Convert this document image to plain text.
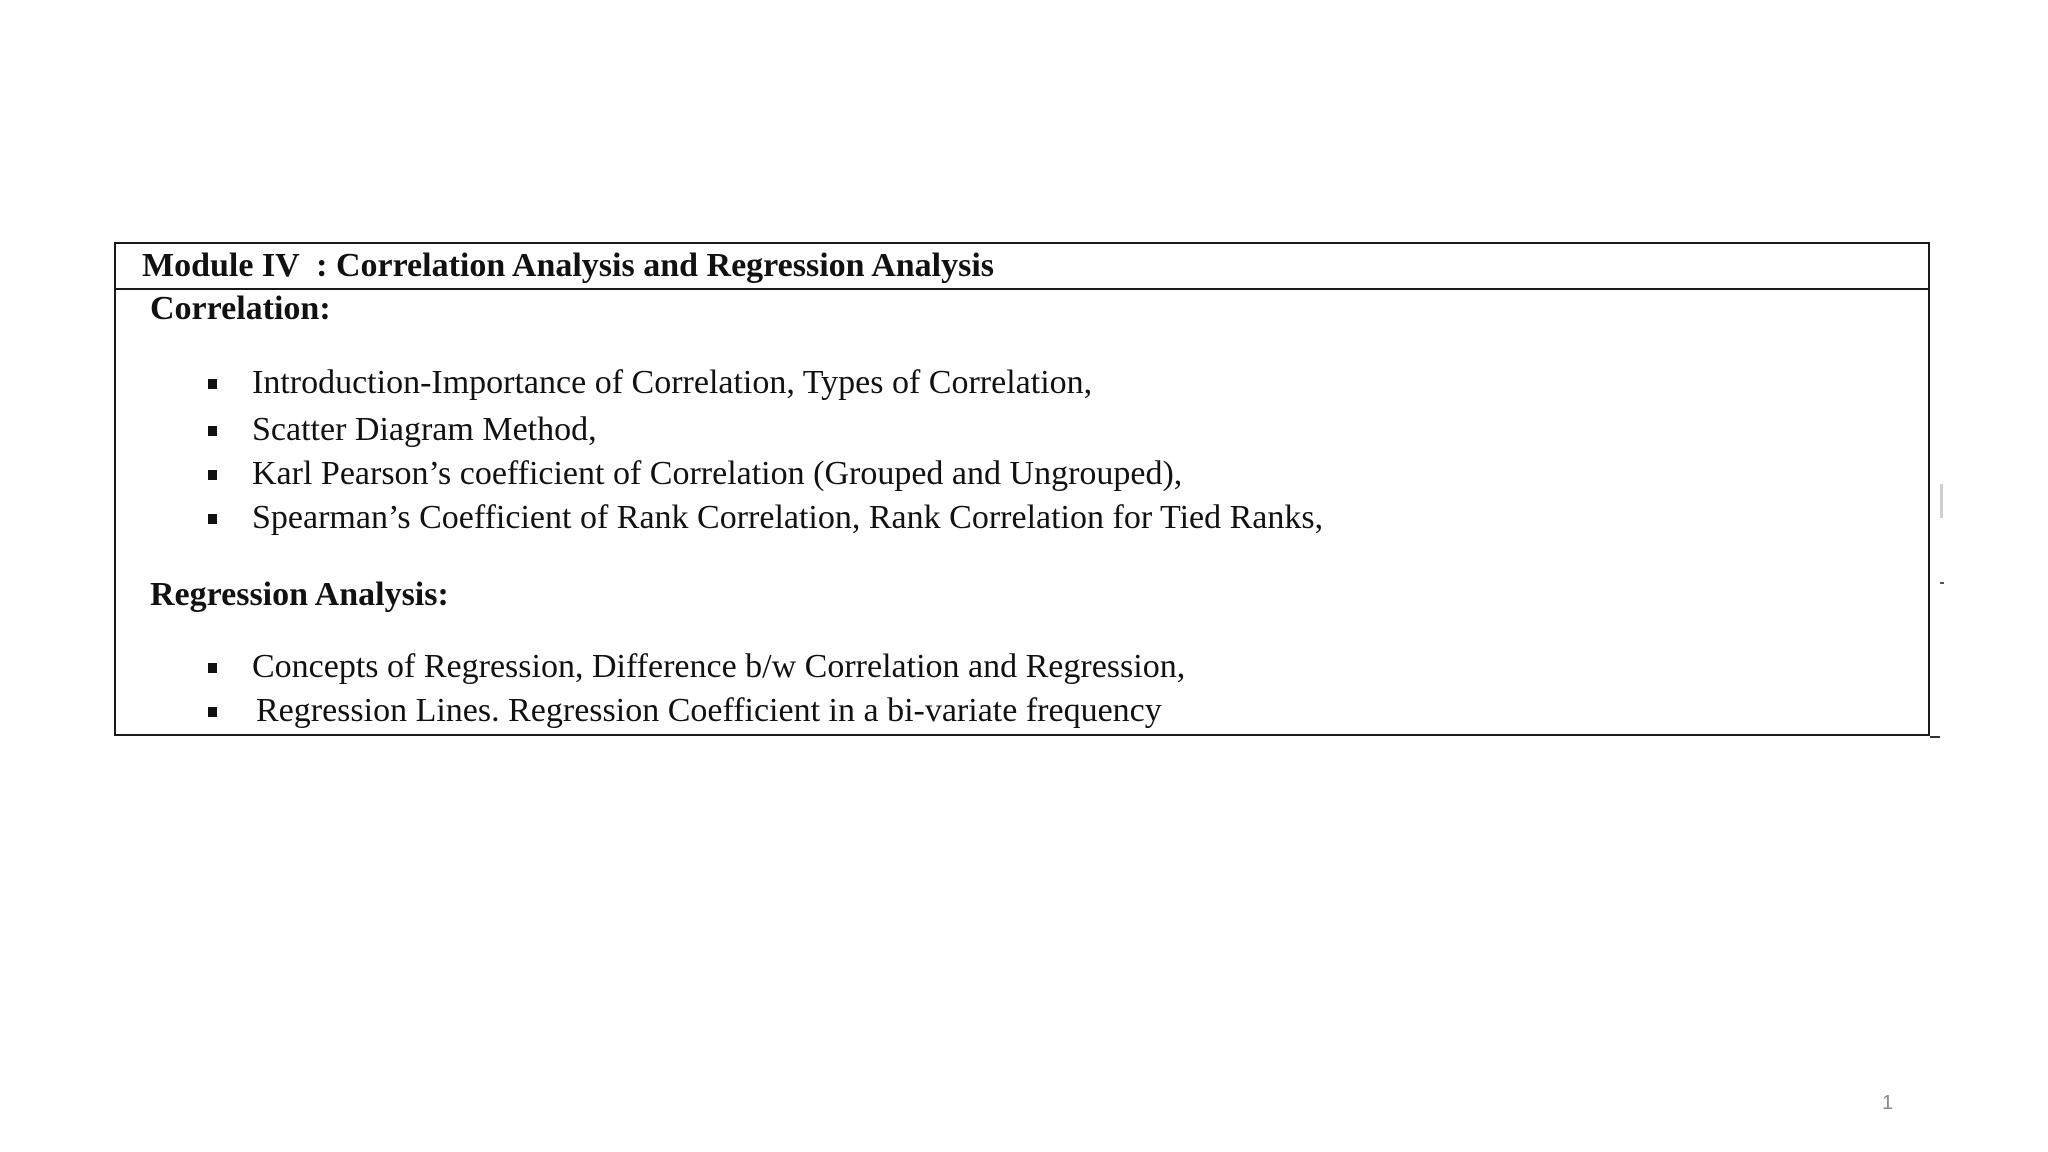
Module IV  : Correlation Analysis and Regression Analysis
Correlation:
Introduction-Importance of Correlation, Types of Correlation,
Scatter Diagram Method,
Karl Pearson’s coefficient of Correlation (Grouped and Ungrouped),
Spearman’s Coefficient of Rank Correlation, Rank Correlation for Tied Ranks,
Regression Analysis:
Concepts of Regression, Difference b/w Correlation and Regression,
Regression Lines. Regression Coefficient in a bi-variate frequency
1
